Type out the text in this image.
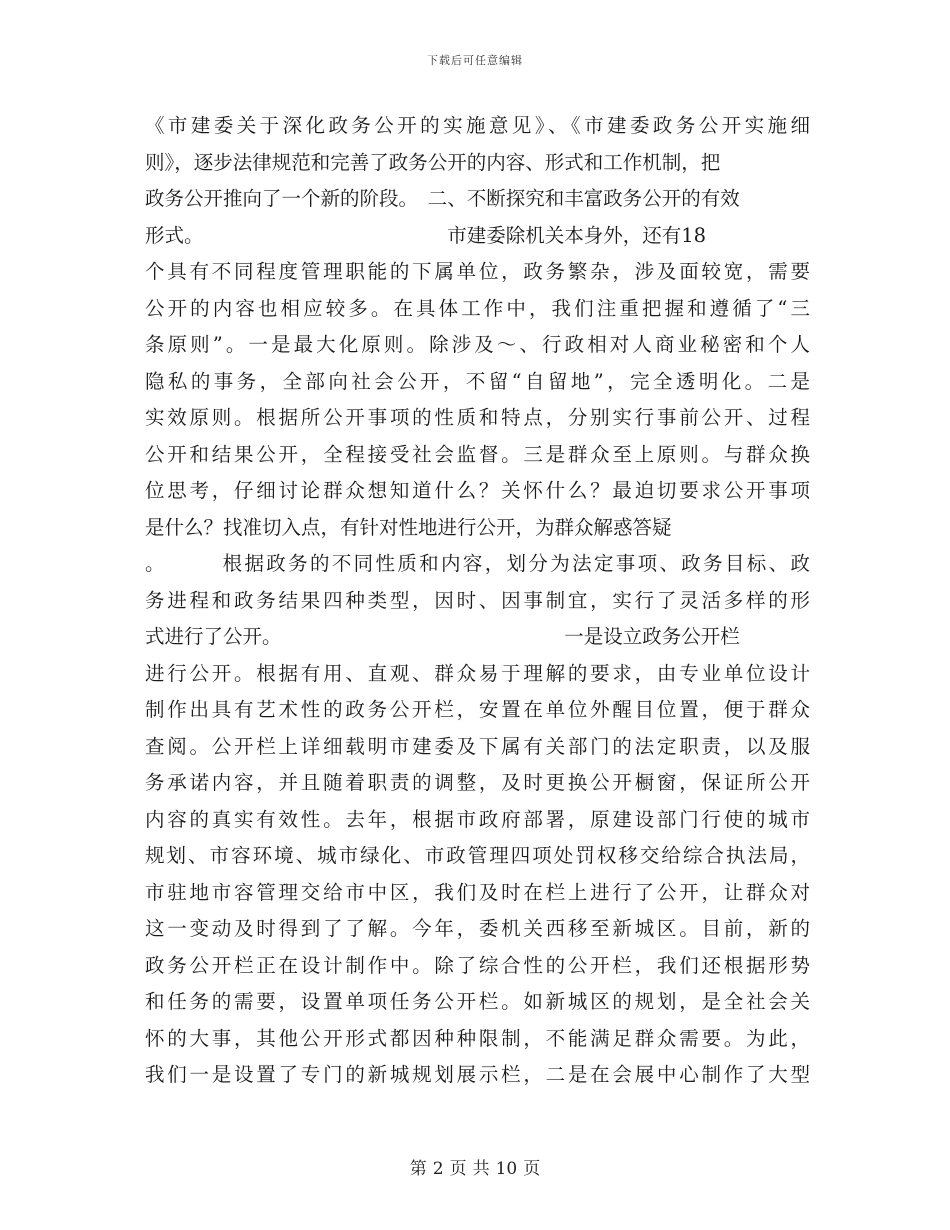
下载后可任意编辑
《市建委关于深化政务公开的实施意见》、《市建委政务公开实施细
则》，逐步法律规范和完善了政务公开的内容、形式和工作机制，把
政务公开推向了一个新的阶段。　二、不断探究和丰富政务公开的有效
形式。　　　　　　　　　　　　　市建委除机关本身外，还有18
个具有不同程度管理职能的下属单位，政务繁杂，涉及面较宽，需要
公开的内容也相应较多。在具体工作中，我们注重把握和遵循了“三
条原则”。一是最大化原则。除涉及～、行政相对人商业秘密和个人
隐私的事务，全部向社会公开，不留“自留地”，完全透明化。二是
实效原则。根据所公开事项的性质和特点，分别实行事前公开、过程
公开和结果公开，全程接受社会监督。三是群众至上原则。与群众换
位思考，仔细讨论群众想知道什么？关怀什么？最迫切要求公开事项
是什么？找准切入点，有针对性地进行公开，为群众解惑答疑
。　　　根据政务的不同性质和内容，划分为法定事项、政务目标、政
务进程和政务结果四种类型，因时、因事制宜，实行了灵活多样的形
式进行了公开。　　　　　　　　　　　　　　　一是设立政务公开栏
进行公开。根据有用、直观、群众易于理解的要求，由专业单位设计
制作出具有艺术性的政务公开栏，安置在单位外醒目位置，便于群众
查阅。公开栏上详细载明市建委及下属有关部门的法定职责，以及服
务承诺内容，并且随着职责的调整，及时更换公开橱窗，保证所公开
内容的真实有效性。去年，根据市政府部署，原建设部门行使的城市
规划、市容环境、城市绿化、市政管理四项处罚权移交给综合执法局，
市驻地市容管理交给市中区，我们及时在栏上进行了公开，让群众对
这一变动及时得到了了解。今年，委机关西移至新城区。目前，新的
政务公开栏正在设计制作中。除了综合性的公开栏，我们还根据形势
和任务的需要，设置单项任务公开栏。如新城区的规划，是全社会关
怀的大事，其他公开形式都因种种限制，不能满足群众需要。为此，
我们一是设置了专门的新城规划展示栏，二是在会展中心制作了大型
第 2 页 共 10 页
